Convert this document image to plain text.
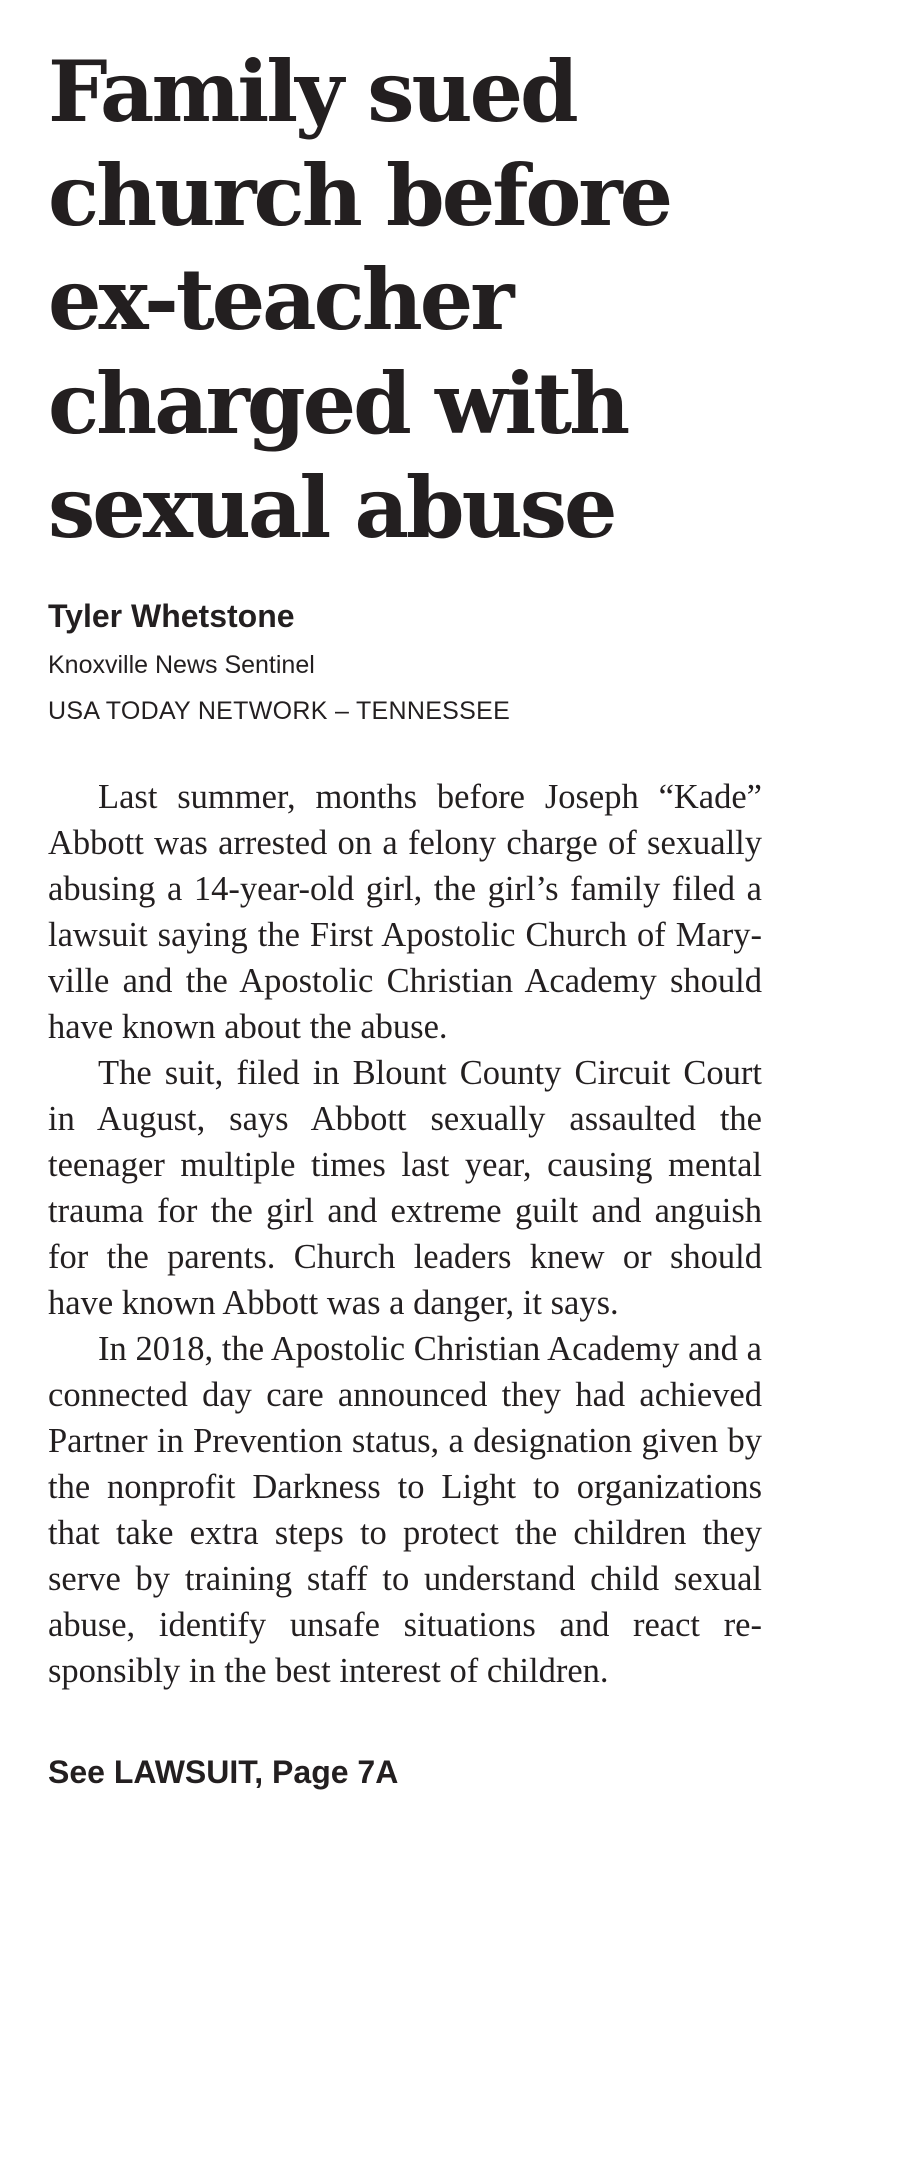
Family sued
church before
ex-teacher
charged with
sexual abuse
Tyler Whetstone
Knoxville News Sentinel
USA TODAY NETWORK – TENNESSEE

Last summer, months before Joseph “Kade” Abbott was arrested on a felony charge of sexually abusing a 14-year-old girl, the girl’s family filed a lawsuit saying the First Apostolic Church of Maryville and the Apostolic Christian Academy should have known about the abuse.

The suit, filed in Blount County Circuit Court in August, says Abbott sexually assaulted the teenager multiple times last year, causing mental trauma for the girl and extreme guilt and anguish for the parents. Church leaders knew or should have known Abbott was a danger, it says.

In 2018, the Apostolic Christian Academy and a connected day care announced they had achieved Partner in Prevention status, a designation given by the nonprofit Darkness to Light to organizations that take extra steps to protect the children they serve by training staff to understand child sexual abuse, identify unsafe situations and react responsibly in the best interest of children.

See LAWSUIT, Page 7A
